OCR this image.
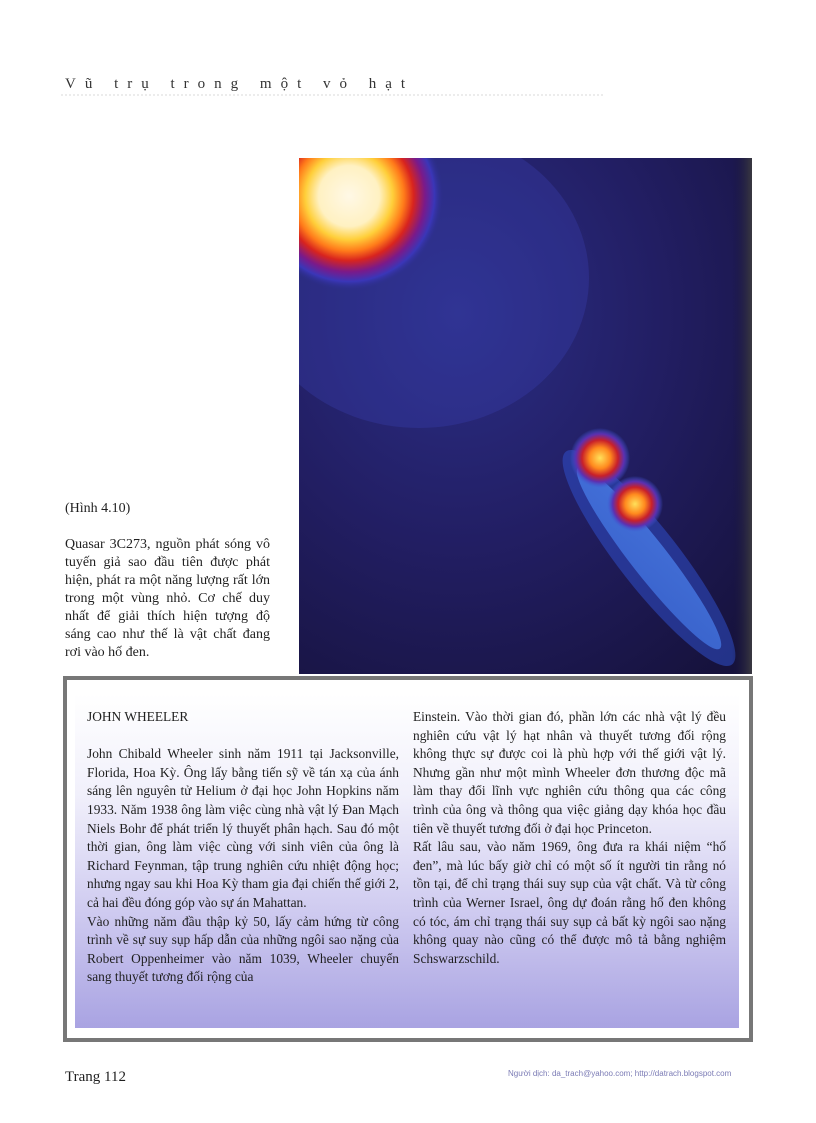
Vũ trụ trong một vỏ hạt

(Hình 4.10)

Quasar 3C273, nguồn phát sóng vô tuyến giả sao đầu tiên được phát hiện, phát ra một năng lượng rất lớn trong một vùng nhỏ. Cơ chế duy nhất để giải thích hiện tượng độ sáng cao như thế là vật chất đang rơi vào hố đen.

JOHN WHEELER

John Chibald Wheeler sinh năm 1911 tại Jacksonville, Florida, Hoa Kỳ. Ông lấy bằng tiến sỹ về tán xạ của ánh sáng lên nguyên tử Helium ở đại học John Hopkins năm 1933. Năm 1938 ông làm việc cùng nhà vật lý Đan Mạch Niels Bohr để phát triển lý thuyết phân hạch. Sau đó một thời gian, ông làm việc cùng với sinh viên của ông là Richard Feynman, tập trung nghiên cứu nhiệt động học; nhưng ngay sau khi Hoa Kỳ tham gia đại chiến thế giới 2, cả hai đều đóng góp vào sự án Mahattan.

Vào những năm đầu thập kỷ 50, lấy cảm hứng từ công trình về sự suy sụp hấp dẫn của những ngôi sao nặng của Robert Oppenheimer vào năm 1039, Wheeler chuyển sang thuyết tương đối rộng của

Einstein. Vào thời gian đó, phần lớn các nhà vật lý đều nghiên cứu vật lý hạt nhân và thuyết tương đối rộng không thực sự được coi là phù hợp với thế giới vật lý. Nhưng gần như một mình Wheeler đơn thương độc mã làm thay đổi lĩnh vực nghiên cứu thông qua các công trình của ông và thông qua việc giảng dạy khóa học đầu tiên về thuyết tương đối ở đại học Princeton.

Rất lâu sau, vào năm 1969, ông đưa ra khái niệm “hố đen”, mà lúc bấy giờ chỉ có một số ít người tin rằng nó tồn tại, để chỉ trạng thái suy sụp của vật chất. Và từ công trình của Werner Israel, ông dự đoán rằng hố đen không có tóc, ám chỉ trạng thái suy sụp cả bất kỳ ngôi sao nặng không quay nào cũng có thể được mô tả bằng nghiệm Schswarzschild.

Trang 112	Người dịch: da_trach@yahoo.com; http://datrach.blogspot.com
